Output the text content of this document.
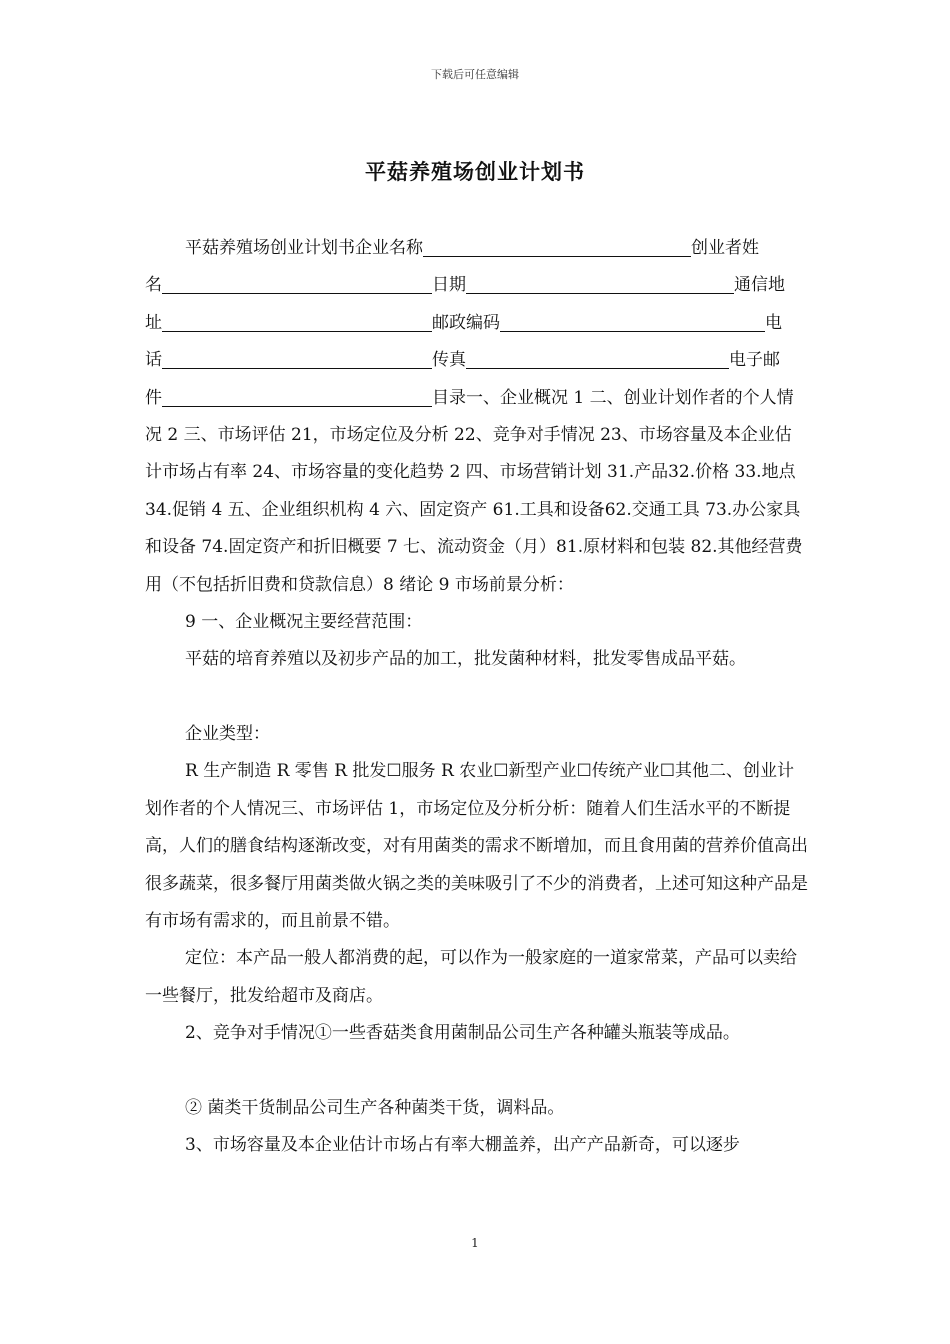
下载后可任意编辑
平菇养殖场创业计划书

平菇养殖场创业计划书企业名称	创业者姓
名	日期	通信地
址	邮政编码	电
话	传真	电子邮
件	目录一、企业概况 1 二、创业计划作者的个人情况 2 三、市场评估 21，市场定位及分析 22、竞争对手情况 23、市场容量及本企业估计市场占有率 24、市场容量的变化趋势 2 四、市场营销计划 31.产品32.价格 33.地点 34.促销 4 五、企业组织机构 4 六、固定资产 61.工具和设备62.交通工具 73.办公家具和设备 74.固定资产和折旧概要 7 七、流动资金（月）81.原材料和包装 82.其他经营费用（不包括折旧费和贷款信息）8 绪论 9 市场前景分析：

9 一、企业概况主要经营范围：

平菇的培育养殖以及初步产品的加工，批发菌种材料，批发零售成品平菇。

企业类型：

R 生产制造 R 零售 R 批发☐服务 R 农业☐新型产业☐传统产业☐其他二、创业计划作者的个人情况三、市场评估 1，市场定位及分析分析：随着人们生活水平的不断提高，人们的膳食结构逐渐改变，对有用菌类的需求不断增加，而且食用菌的营养价值高出很多蔬菜，很多餐厅用菌类做火锅之类的美味吸引了不少的消费者，上述可知这种产品是有市场有需求的，而且前景不错。

定位：本产品一般人都消费的起，可以作为一般家庭的一道家常菜，产品可以卖给一些餐厅，批发给超市及商店。

2、竞争对手情况①一些香菇类食用菌制品公司生产各种罐头瓶装等成品。

② 菌类干货制品公司生产各种菌类干货，调料品。

3、市场容量及本企业估计市场占有率大棚盖养，出产产品新奇，可以逐步

1
